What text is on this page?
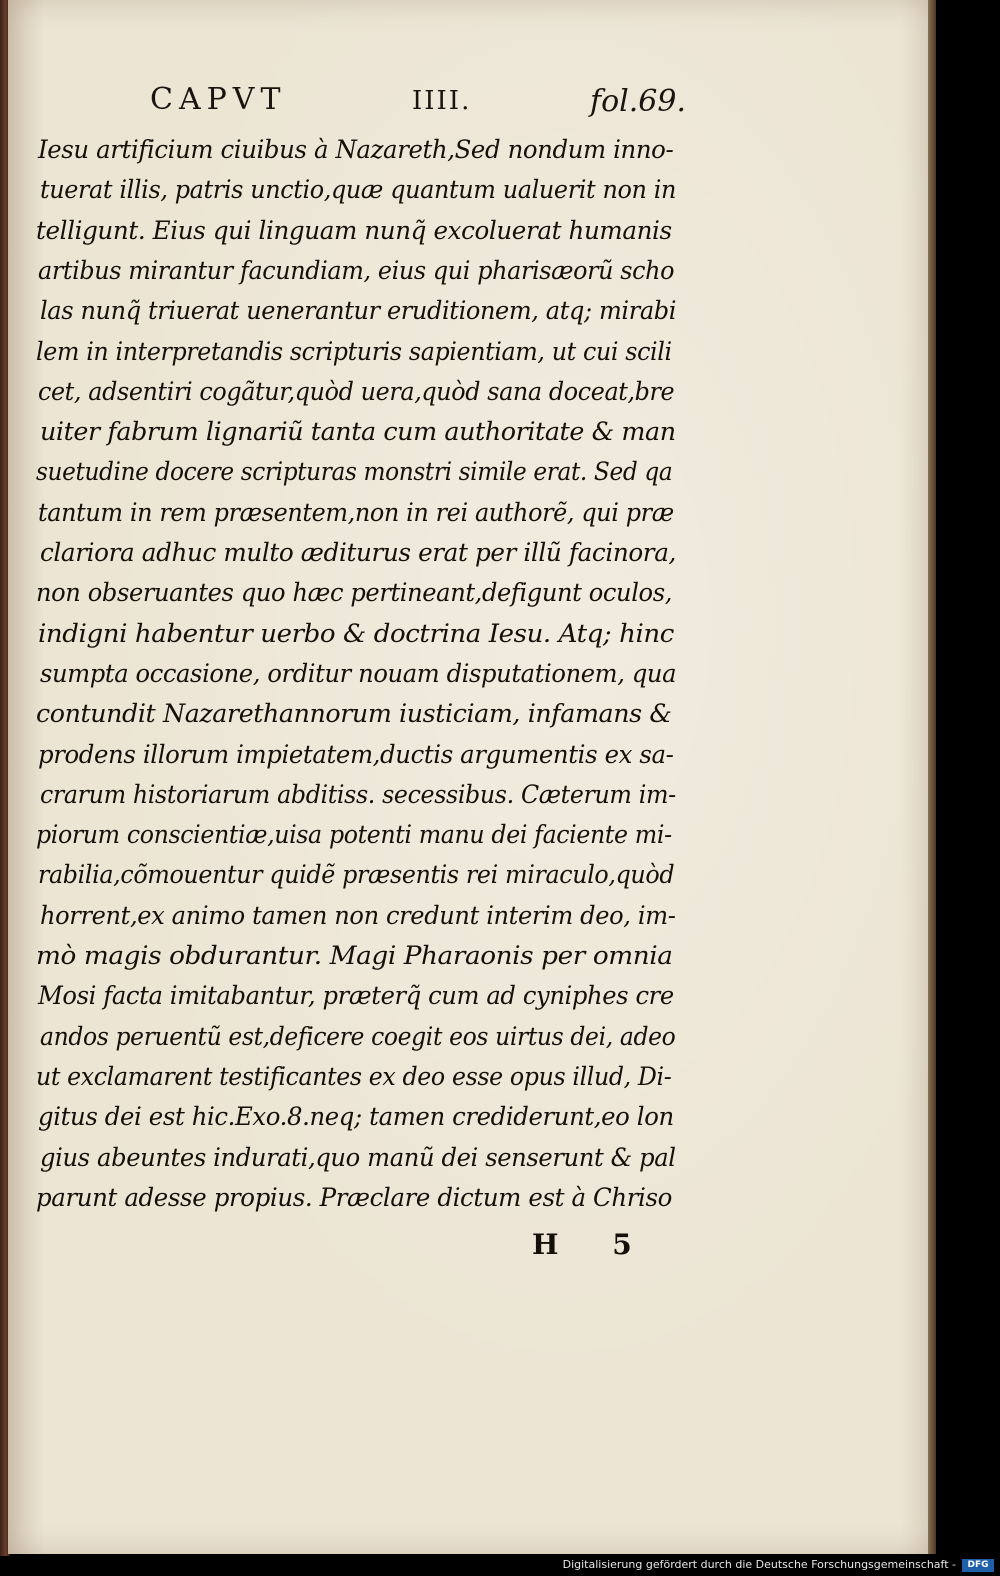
CAPVT	IIII.	fol.69.
Iesu artificium ciuibus à Nazareth,Sed nondum inno-
tuerat illis, patris unctio,quæ quantum ualuerit non in
telligunt. Eius qui linguam nunq̃ excoluerat humanis
artibus mirantur facundiam, eius qui pharisæorũ scho
las nunq̃ triuerat uenerantur eruditionem, atq; mirabi
lem in interpretandis scripturis sapientiam, ut cui scili
cet, adsentiri cogãtur,quòd uera,quòd sana doceat,bre
uiter fabrum lignariũ tanta cum authoritate & man
suetudine docere scripturas monstri simile erat. Sed qa
tantum in rem præsentem,non in rei authorẽ, qui præ
clariora adhuc multo æditurus erat per illũ facinora,
non obseruantes quo hæc pertineant,defigunt oculos,
indigni habentur uerbo & doctrina Iesu. Atq; hinc
sumpta occasione, orditur nouam disputationem, qua
contundit Nazarethannorum iusticiam, infamans &
prodens illorum impietatem,ductis argumentis ex sa-
crarum historiarum abditiss. secessibus. Cæterum im-
piorum conscientiæ,uisa potenti manu dei faciente mi-
rabilia,cõmouentur quidẽ præsentis rei miraculo,quòd
horrent,ex animo tamen non credunt interim deo, im-
mò magis obdurantur. Magi Pharaonis per omnia
Mosi facta imitabantur, præterq̃ cum ad cyniphes cre
andos peruentũ est,deficere coegit eos uirtus dei, adeo
ut exclamarent testificantes ex deo esse opus illud, Di-
gitus dei est hic.Exo.8.neq; tamen crediderunt,eo lon
gius abeuntes indurati,quo manũ dei senserunt & pal
parunt adesse propius. Præclare dictum est à Chriso
H 5
Digitalisierung gefördert durch die Deutsche Forschungsgemeinschaft -	DFG
